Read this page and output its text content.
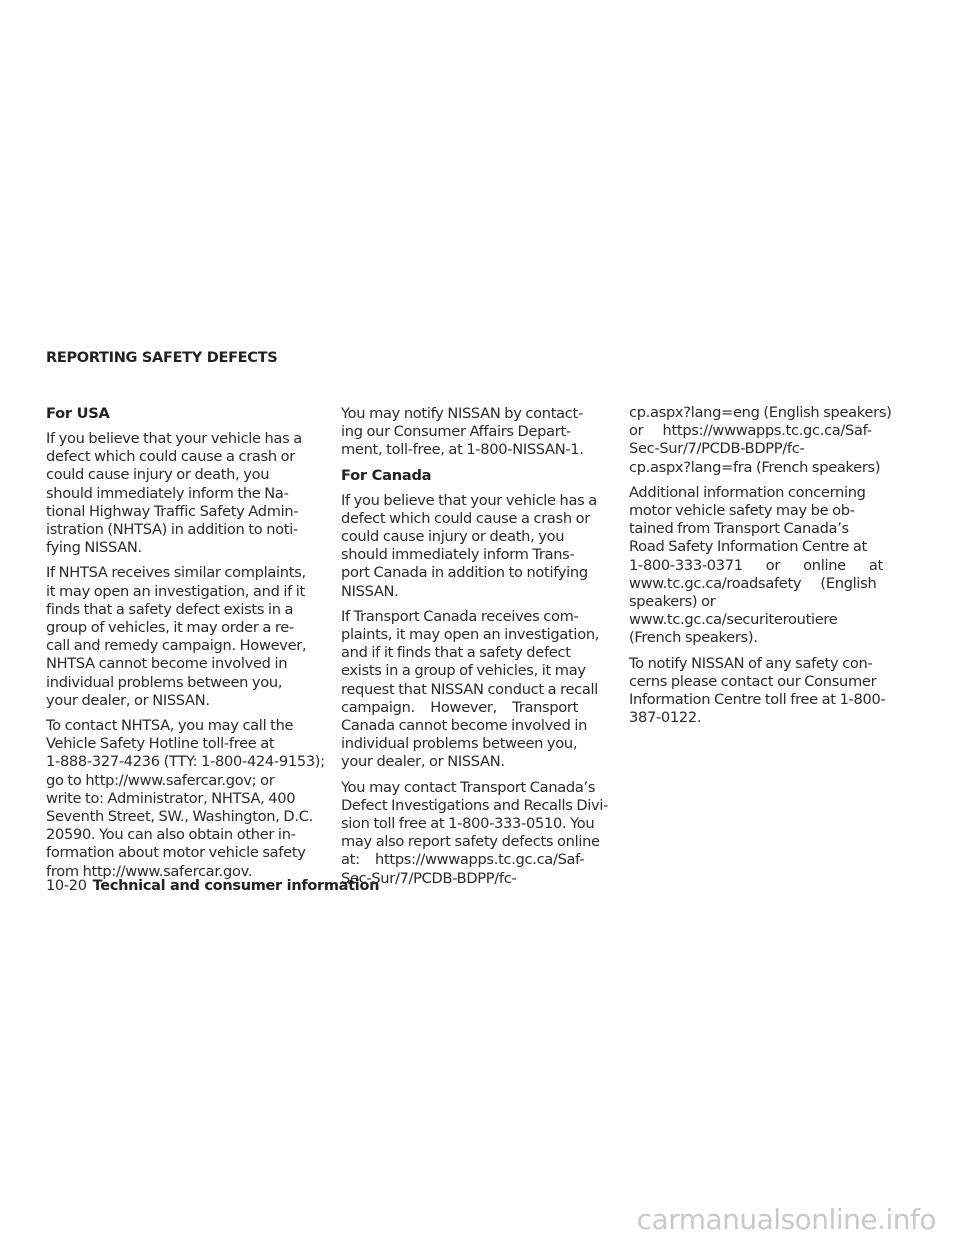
REPORTING SAFETY DEFECTS
For USA

If you believe that your vehicle has a
defect which could cause a crash or
could cause injury or death, you
should immediately inform the Na-
tional Highway Traffic Safety Admin-
istration (NHTSA) in addition to noti-
fying NISSAN.

If NHTSA receives similar complaints,
it may open an investigation, and if it
finds that a safety defect exists in a
group of vehicles, it may order a re-
call and remedy campaign. However,
NHTSA cannot become involved in
individual problems between you,
your dealer, or NISSAN.

To contact NHTSA, you may call the
Vehicle Safety Hotline toll-free at
1-888-327-4236 (TTY: 1-800-424-9153);
go to http://www.safercar.gov; or
write to: Administrator, NHTSA, 400
Seventh Street, SW., Washington, D.C.
20590. You can also obtain other in-
formation about motor vehicle safety
from http://www.safercar.gov.

You may notify NISSAN by contact-
ing our Consumer Affairs Depart-
ment, toll-free, at 1-800-NISSAN-1.

For Canada

If you believe that your vehicle has a
defect which could cause a crash or
could cause injury or death, you
should immediately inform Trans-
port Canada in addition to notifying
NISSAN.

If Transport Canada receives com-
plaints, it may open an investigation,
and if it finds that a safety defect
exists in a group of vehicles, it may
request that NISSAN conduct a recall
campaign.    However,    Transport
Canada cannot become involved in
individual problems between you,
your dealer, or NISSAN.

You may contact Transport Canada’s
Defect Investigations and Recalls Divi-
sion toll free at 1-800-333-0510. You
may also report safety defects online
at:    https://wwwapps.tc.gc.ca/Saf-
Sec-Sur/7/PCDB-BDPP/fc-

cp.aspx?lang=eng (English speakers)
or     https://wwwapps.tc.gc.ca/Saf-
Sec-Sur/7/PCDB-BDPP/fc-
cp.aspx?lang=fra (French speakers)

Additional information concerning
motor vehicle safety may be ob-
tained from Transport Canada’s
Road Safety Information Centre at
1-800-333-0371      or      online      at
www.tc.gc.ca/roadsafety     (English
speakers) or
www.tc.gc.ca/securiteroutiere
(French speakers).

To notify NISSAN of any safety con-
cerns please contact our Consumer
Information Centre toll free at 1-800-
387-0122.

10-20 Technical and consumer information
carmanualsonline.info
